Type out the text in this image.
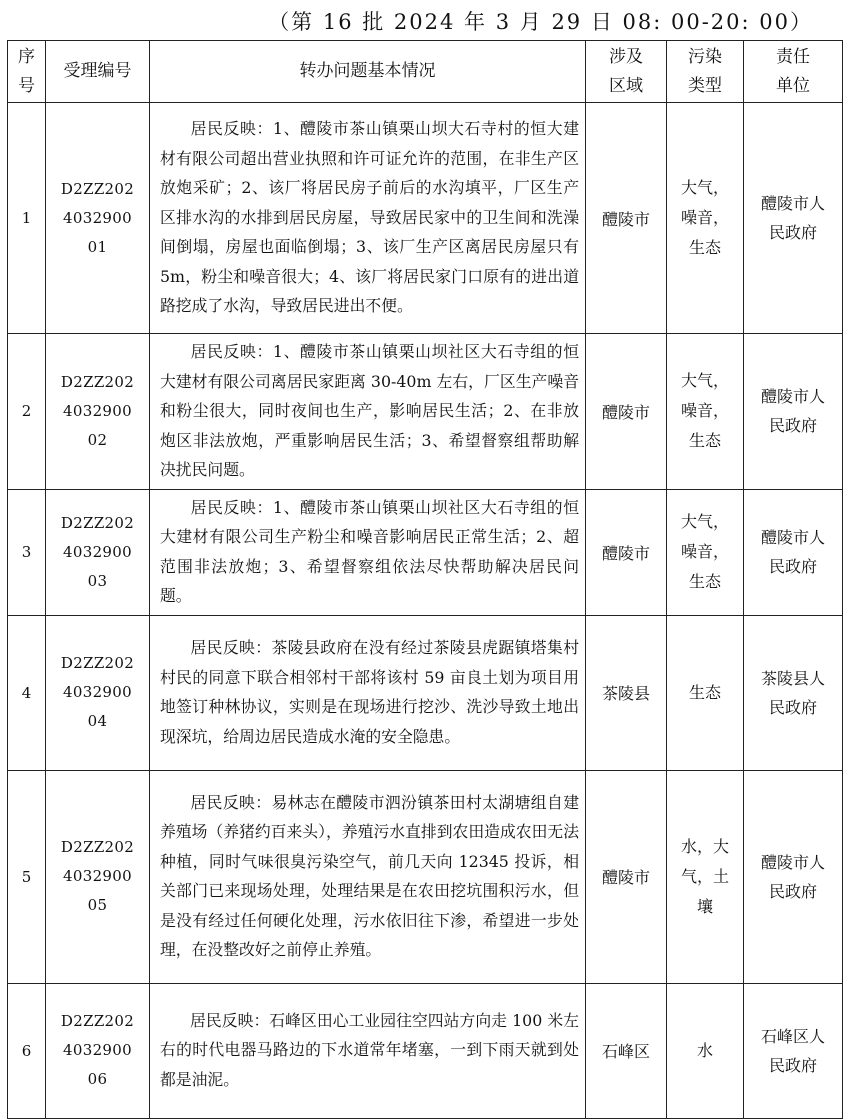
（第 16 批 2024 年 3 月 29 日 08: 00-20: 00）
序号	受理编号	转办问题基本情况	涉及区域	污染类型	责任单位

1	D2ZZ202403290001	居民反映：1、醴陵市茶山镇栗山坝大石寺村的恒大建材有限公司超出营业执照和许可证允许的范围，在非生产区放炮采矿；2、该厂将居民房子前后的水沟填平，厂区生产区排水沟的水排到居民房屋，导致居民家中的卫生间和洗澡间倒塌，房屋也面临倒塌；3、该厂生产区离居民房屋只有 5m，粉尘和噪音很大；4、该厂将居民家门口原有的进出道路挖成了水沟，导致居民进出不便。	醴陵市	大气，噪音，生态	醴陵市人民政府

2	D2ZZ202403290002	居民反映：1、醴陵市茶山镇栗山坝社区大石寺组的恒大建材有限公司离居民家距离 30-40m 左右，厂区生产噪音和粉尘很大，同时夜间也生产，影响居民生活；2、在非放炮区非法放炮，严重影响居民生活；3、希望督察组帮助解决扰民问题。	醴陵市	大气，噪音，生态	醴陵市人民政府

3	D2ZZ202403290003	居民反映：1、醴陵市茶山镇栗山坝社区大石寺组的恒大建材有限公司生产粉尘和噪音影响居民正常生活；2、超范围非法放炮；3、希望督察组依法尽快帮助解决居民问题。	醴陵市	大气，噪音，生态	醴陵市人民政府

4	D2ZZ202403290004	居民反映：茶陵县政府在没有经过茶陵县虎踞镇塔集村村民的同意下联合相邻村干部将该村 59 亩良土划为项目用地签订种林协议，实则是在现场进行挖沙、洗沙导致土地出现深坑，给周边居民造成水淹的安全隐患。	茶陵县	生态	茶陵县人民政府

5	D2ZZ202403290005	居民反映：易林志在醴陵市泗汾镇茶田村太湖塘组自建养殖场（养猪约百来头），养殖污水直排到农田造成农田无法种植，同时气味很臭污染空气，前几天向 12345 投诉，相关部门已来现场处理，处理结果是在农田挖坑围积污水，但是没有经过任何硬化处理，污水依旧往下渗，希望进一步处理，在没整改好之前停止养殖。	醴陵市	水，大气，土壤	醴陵市人民政府

6	D2ZZ202403290006	居民反映：石峰区田心工业园往空四站方向走 100 米左右的时代电器马路边的下水道常年堵塞，一到下雨天就到处都是油泥。	石峰区	水	石峰区人民政府
